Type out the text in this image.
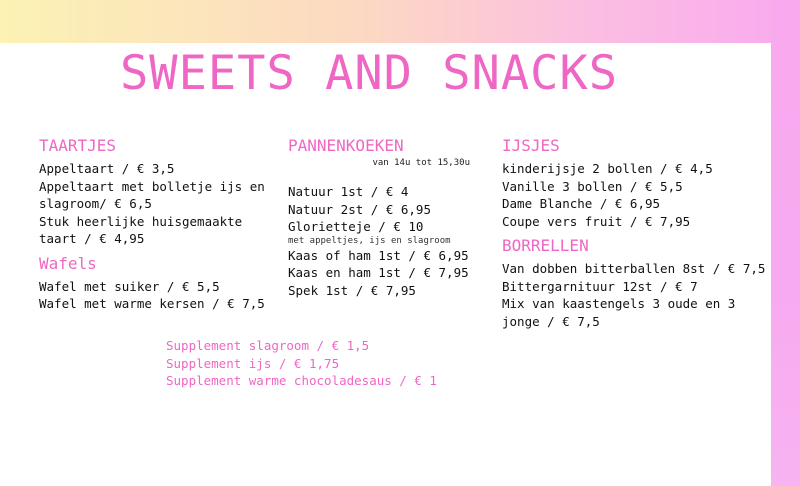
SWEETS AND SNACKS
TAARTJES
Appeltaart / € 3,5
Appeltaart met bolletje ijs en slagroom/ € 6,5
Stuk heerlijke huisgemaakte taart / € 4,95
Wafels
Wafel met suiker / € 5,5
Wafel met warme kersen / € 7,5
PANNENKOEKEN
van 14u tot 15,30u
Natuur 1st / € 4
Natuur 2st / € 6,95
Glorietteje / € 10
met appeltjes, ijs en slagroom
Kaas of ham 1st / € 6,95
Kaas en ham 1st / € 7,95
Spek 1st / € 7,95
IJSJES
kinderijsje 2 bollen / € 4,5
Vanille 3 bollen / € 5,5
Dame Blanche / € 6,95
Coupe vers fruit / € 7,95
BORRELLEN
Van dobben bitterballen 8st / € 7,5
Bittergarnituur 12st / € 7
Mix van kaastengels 3 oude en 3 jonge / € 7,5
Supplement slagroom / € 1,5
Supplement ijs / € 1,75
Supplement warme chocoladesaus / € 1
